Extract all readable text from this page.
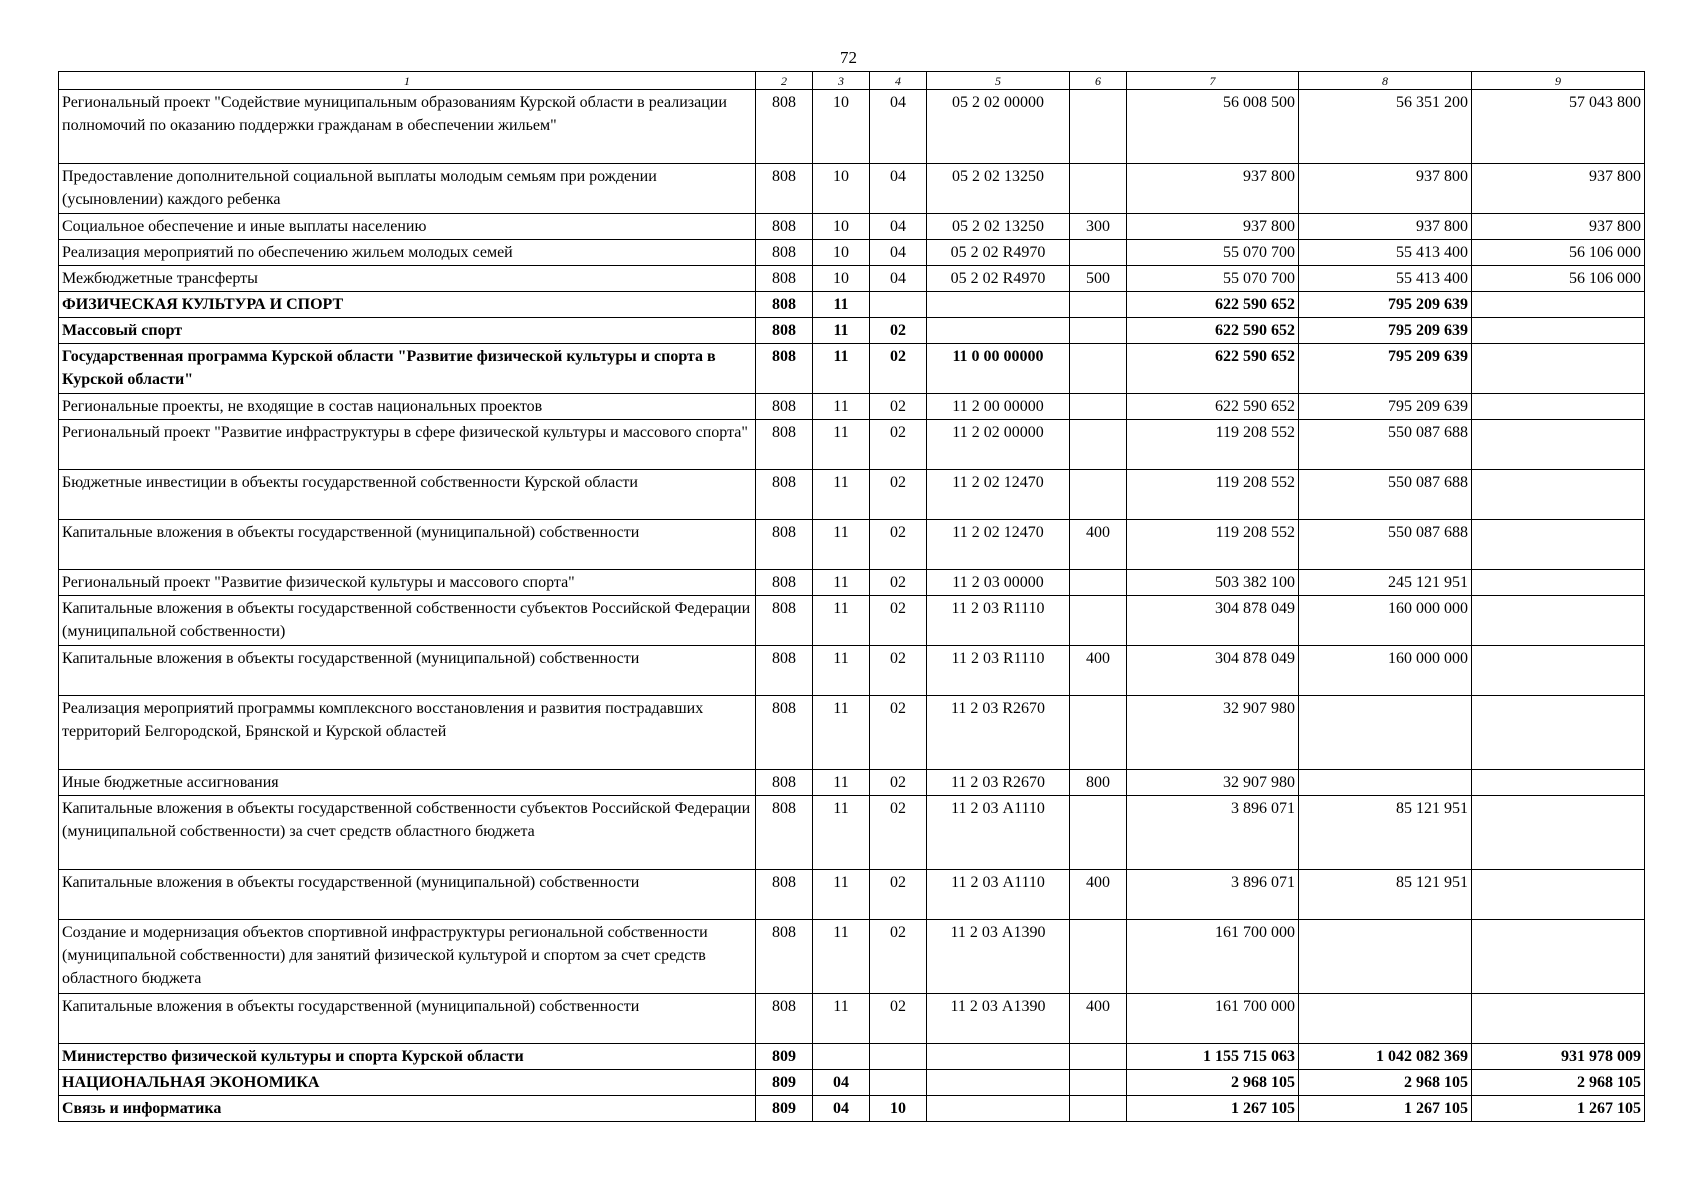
72
1	2	3	4	5	6	7	8	9
Региональный проект "Содействие муниципальным образованиям Курской области в реализации полномочий по оказанию поддержки гражданам в обеспечении жильем"	808	10	04	05 2 02 00000		56 008 500	56 351 200	57 043 800
Предоставление дополнительной социальной выплаты молодым семьям при рождении (усыновлении) каждого ребенка	808	10	04	05 2 02 13250		937 800	937 800	937 800
Социальное обеспечение и иные выплаты населению	808	10	04	05 2 02 13250	300	937 800	937 800	937 800
Реализация мероприятий по обеспечению жильем молодых семей	808	10	04	05 2 02 R4970		55 070 700	55 413 400	56 106 000
Межбюджетные трансферты	808	10	04	05 2 02 R4970	500	55 070 700	55 413 400	56 106 000
ФИЗИЧЕСКАЯ КУЛЬТУРА И СПОРТ	808	11				622 590 652	795 209 639	
Массовый спорт	808	11	02			622 590 652	795 209 639	
Государственная программа Курской области "Развитие физической культуры и спорта в Курской области"	808	11	02	11 0 00 00000		622 590 652	795 209 639	
Региональные проекты, не входящие в состав национальных проектов	808	11	02	11 2 00 00000		622 590 652	795 209 639	
Региональный проект "Развитие инфраструктуры в сфере физической культуры и массового спорта"	808	11	02	11 2 02 00000		119 208 552	550 087 688	
Бюджетные инвестиции в объекты государственной собственности Курской области	808	11	02	11 2 02 12470		119 208 552	550 087 688	
Капитальные вложения в объекты государственной (муниципальной) собственности	808	11	02	11 2 02 12470	400	119 208 552	550 087 688	
Региональный проект "Развитие физической культуры и массового спорта"	808	11	02	11 2 03 00000		503 382 100	245 121 951	
Капитальные вложения в объекты государственной собственности субъектов Российской Федерации (муниципальной собственности)	808	11	02	11 2 03 R1110		304 878 049	160 000 000	
Капитальные вложения в объекты государственной (муниципальной) собственности	808	11	02	11 2 03 R1110	400	304 878 049	160 000 000	
Реализация мероприятий программы комплексного восстановления и развития пострадавших территорий Белгородской, Брянской и Курской областей	808	11	02	11 2 03 R2670		32 907 980		
Иные бюджетные ассигнования	808	11	02	11 2 03 R2670	800	32 907 980		
Капитальные вложения в объекты государственной собственности субъектов Российской Федерации (муниципальной собственности) за счет средств областного бюджета	808	11	02	11 2 03 А1110		3 896 071	85 121 951	
Капитальные вложения в объекты государственной (муниципальной) собственности	808	11	02	11 2 03 А1110	400	3 896 071	85 121 951	
Создание и модернизация объектов спортивной инфраструктуры региональной собственности (муниципальной собственности) для занятий физической культурой и спортом за счет средств областного бюджета	808	11	02	11 2 03 А1390		161 700 000		
Капитальные вложения в объекты государственной (муниципальной) собственности	808	11	02	11 2 03 А1390	400	161 700 000		
Министерство физической культуры и спорта Курской области	809					1 155 715 063	1 042 082 369	931 978 009
НАЦИОНАЛЬНАЯ ЭКОНОМИКА	809	04				2 968 105	2 968 105	2 968 105
Связь и информатика	809	04	10			1 267 105	1 267 105	1 267 105
